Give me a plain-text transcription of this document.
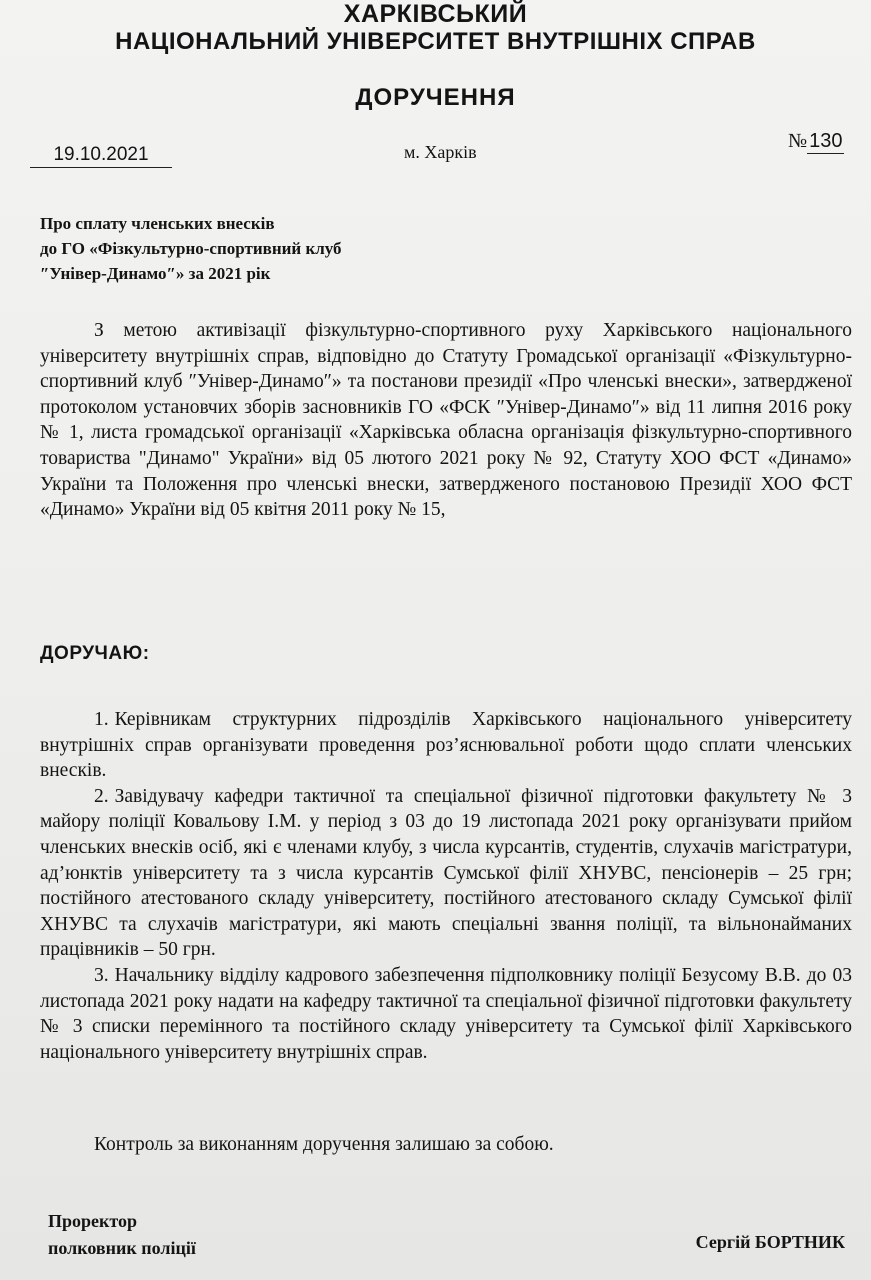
ХАРКІВСЬКИЙ
НАЦІОНАЛЬНИЙ УНІВЕРСИТЕТ ВНУТРІШНІХ СПРАВ
ДОРУЧЕННЯ
19.10.2021	м. Харків	№ 130
Про сплату членських внесків
до ГО «Фізкультурно-спортивний клуб
″Універ-Динамо″» за 2021 рік

З метою активізації фізкультурно-спортивного руху Харківського національного університету внутрішніх справ, відповідно до Статуту Громадської організації «Фізкультурно-спортивний клуб ″Універ-Динамо″» та постанови президії «Про членські внески», затвердженої протоколом установчих зборів засновників ГО «ФСК ″Універ-Динамо″» від 11 липня 2016 року № 1, листа громадської організації «Харківська обласна організація фізкультурно-спортивного товариства "Динамо" України» від 05 лютого 2021 року № 92, Статуту ХОО ФСТ «Динамо» України та Положення про членські внески, затвердженого постановою Президії ХОО ФСТ «Динамо» України від 05 квітня 2011 року № 15,

ДОРУЧАЮ:

1. Керівникам структурних підрозділів Харківського національного університету внутрішніх справ організувати проведення роз’яснювальної роботи щодо сплати членських внесків.

2. Завідувачу кафедри тактичної та спеціальної фізичної підготовки факультету № 3 майору поліції Ковальову І.М. у період з 03 до 19 листопада 2021 року організувати прийом членських внесків осіб, які є членами клубу, з числа курсантів, студентів, слухачів магістратури, ад’юнктів університету та з числа курсантів Сумської філії ХНУВС, пенсіонерів – 25 грн; постійного атестованого складу університету, постійного атестованого складу Сумської філії ХНУВС та слухачів магістратури, які мають спеціальні звання поліції, та вільнонайманих працівників – 50 грн.

3. Начальнику відділу кадрового забезпечення підполковнику поліції Безусому В.В. до 03 листопада 2021 року надати на кафедру тактичної та спеціальної фізичної підготовки факультету № 3 списки перемінного та постійного складу університету та Сумської філії Харківського національного університету внутрішніх справ.

Контроль за виконанням доручення залишаю за собою.

Проректор
полковник поліції	Сергій БОРТНИК
